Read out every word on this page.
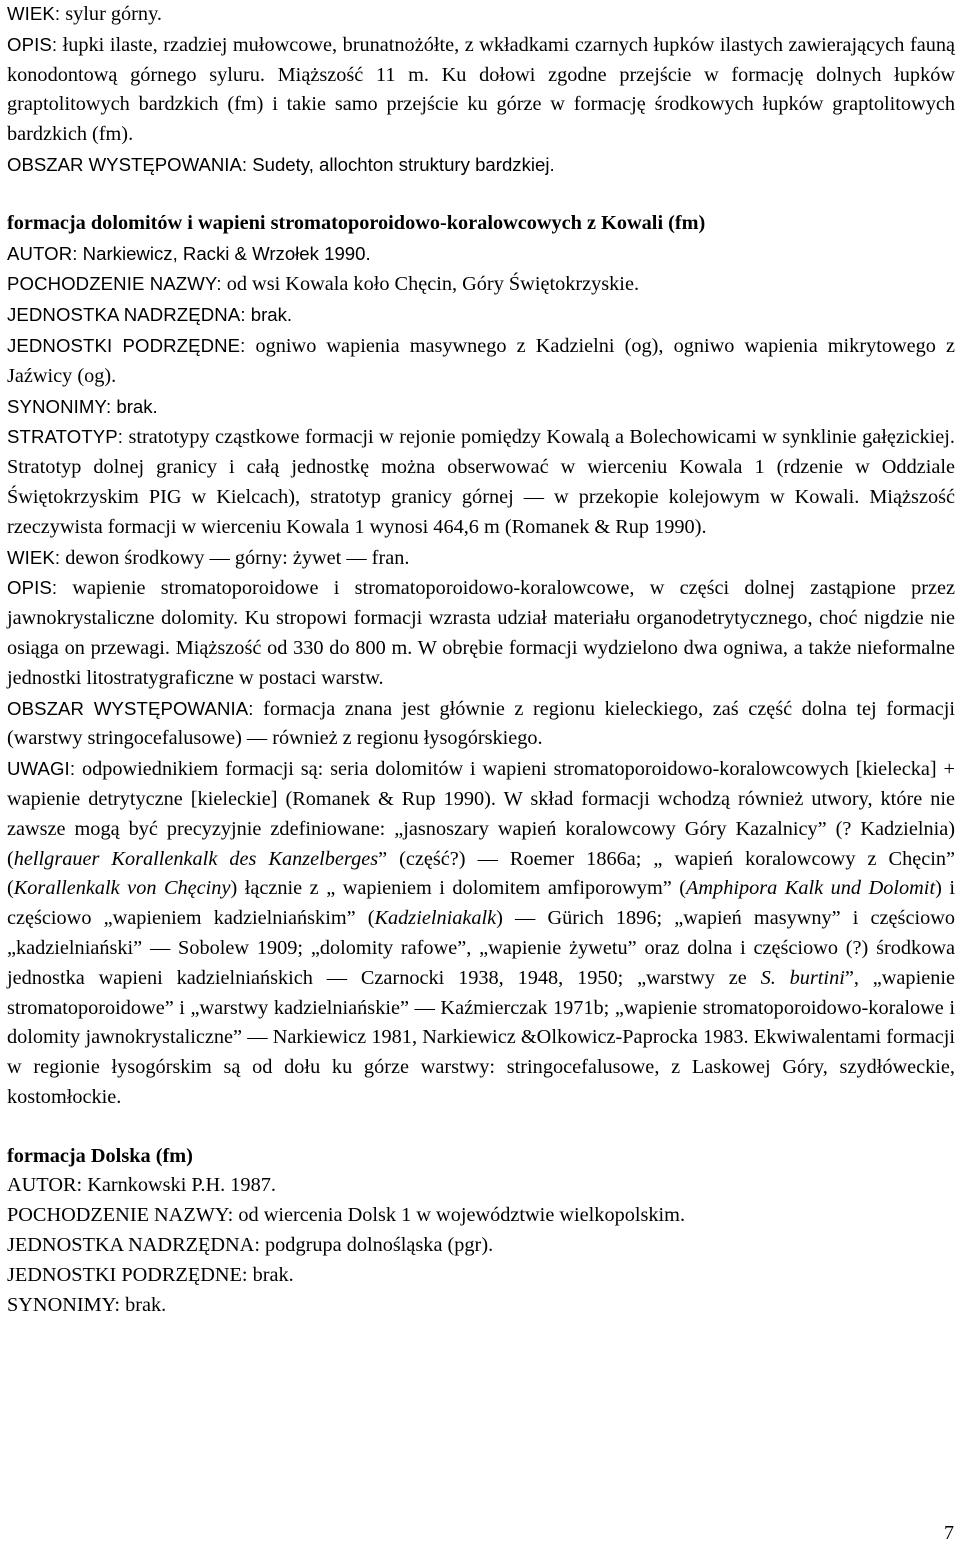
WIEK: sylur górny.

OPIS: łupki ilaste, rzadziej mułowcowe, brunatnożółte, z wkładkami czarnych łupków ilastych zawierających fauną konodontową górnego syluru. Miąższość 11 m. Ku dołowi zgodne przejście w formację dolnych łupków graptolitowych bardzkich (fm) i takie samo przejście ku górze w formację środkowych łupków graptolitowych bardzkich (fm).

OBSZAR WYSTĘPOWANIA: Sudety, allochton struktury bardzkiej.

formacja dolomitów i wapieni stromatoporoidowo-koralowcowych z Kowali (fm)

AUTOR: Narkiewicz, Racki & Wrzołek 1990.

POCHODZENIE NAZWY: od wsi Kowala koło Chęcin, Góry Świętokrzyskie.

JEDNOSTKA NADRZĘDNA: brak.

JEDNOSTKI PODRZĘDNE: ogniwo wapienia masywnego z Kadzielni (og), ogniwo wapienia mikrytowego z Jaźwicy (og).

SYNONIMY: brak.

STRATOTYP: stratotypy cząstkowe formacji w rejonie pomiędzy Kowalą a Bolechowicami w synklinie gałęzickiej. Stratotyp dolnej granicy i całą jednostkę można obserwować w wierceniu Kowala 1 (rdzenie w Oddziale Świętokrzyskim PIG w Kielcach), stratotyp granicy górnej — w przekopie kolejowym w Kowali. Miąższość rzeczywista formacji w wierceniu Kowala 1 wynosi 464,6 m (Romanek & Rup 1990).

WIEK: dewon środkowy — górny: żywet — fran.

OPIS: wapienie stromatoporoidowe i stromatoporoidowo-koralowcowe, w części dolnej zastąpione przez jawnokrystaliczne dolomity. Ku stropowi formacji wzrasta udział materiału organodetrytycznego, choć nigdzie nie osiąga on przewagi. Miąższość od 330 do 800 m. W obrębie formacji wydzielono dwa ogniwa, a także nieformalne jednostki litostratygraficzne w postaci warstw.

OBSZAR WYSTĘPOWANIA: formacja znana jest głównie z regionu kieleckiego, zaś część dolna tej formacji (warstwy stringocefalusowe) — również z regionu łysogórskiego.

UWAGI: odpowiednikiem formacji są: seria dolomitów i wapieni stromatoporoidowo-koralowcowych [kielecka] + wapienie detrytyczne [kieleckie] (Romanek & Rup 1990). W skład formacji wchodzą również utwory, które nie zawsze mogą być precyzyjnie zdefiniowane: „jasnoszary wapień koralowcowy Góry Kazalnicy” (? Kadzielnia) (hellgrauer Korallenkalk des Kanzelberges” (część?) — Roemer 1866a; „ wapień koralowcowy z Chęcin” (Korallenkalk von Chęciny) łącznie z „ wapieniem i dolomitem amfiporowym” (Amphipora Kalk und Dolomit) i częściowo „wapieniem kadzielniańskim” (Kadzielniakalk) — Gürich 1896; „wapień masywny” i częściowo „kadzielniański” — Sobolew 1909; „dolomity rafowe”, „wapienie żywetu” oraz dolna i częściowo (?) środkowa jednostka wapieni kadzielniańskich — Czarnocki 1938, 1948, 1950; „warstwy ze S. burtini”, „wapienie stromatoporoidowe” i „warstwy kadzielniańskie” — Kaźmierczak 1971b; „wapienie stromatoporoidowo-koralowe i dolomity jawnokrystaliczne” — Narkiewicz 1981, Narkiewicz &Olkowicz-Paprocka 1983. Ekwiwalentami formacji w regionie łysogórskim są od dołu ku górze warstwy: stringocefalusowe, z Laskowej Góry, szydłóweckie, kostomłockie.

formacja Dolska (fm)

AUTOR: Karnkowski P.H. 1987.

POCHODZENIE NAZWY: od wiercenia Dolsk 1 w województwie wielkopolskim.

JEDNOSTKA NADRZĘDNA: podgrupa dolnośląska (pgr).

JEDNOSTKI PODRZĘDNE: brak.

SYNONIMY: brak.

7
